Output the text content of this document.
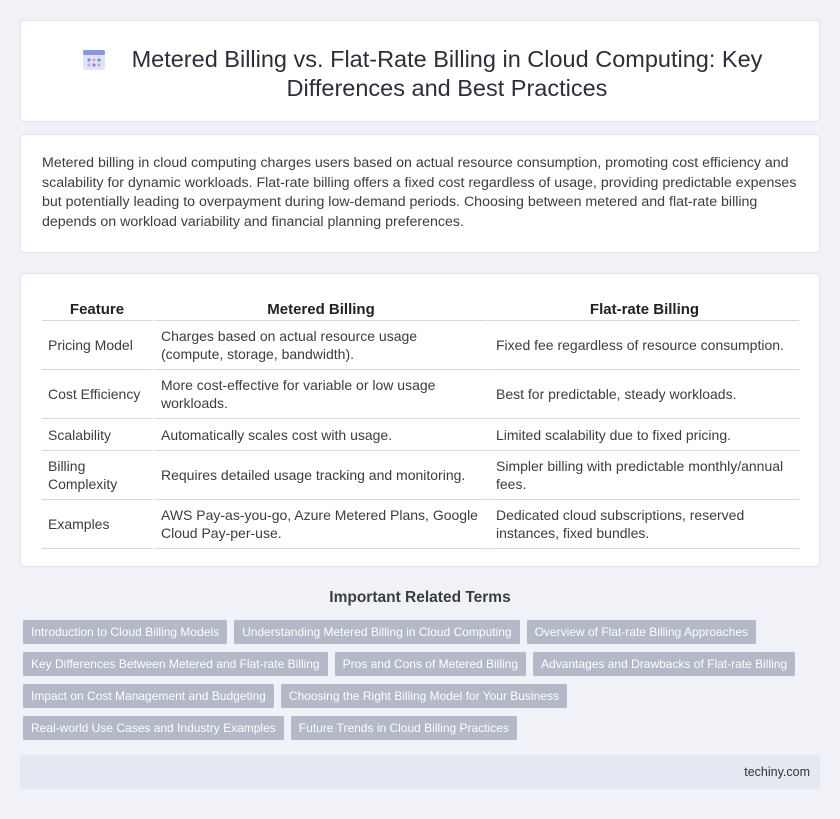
Metered Billing vs. Flat-Rate Billing in Cloud Computing: Key Differences and Best Practices

Metered billing in cloud computing charges users based on actual resource consumption, promoting cost efficiency and scalability for dynamic workloads. Flat-rate billing offers a fixed cost regardless of usage, providing predictable expenses but potentially leading to overpayment during low-demand periods. Choosing between metered and flat-rate billing depends on workload variability and financial planning preferences.

Feature	Metered Billing	Flat-rate Billing
Pricing Model	Charges based on actual resource usage (compute, storage, bandwidth).	Fixed fee regardless of resource consumption.
Cost Efficiency	More cost-effective for variable or low usage workloads.	Best for predictable, steady workloads.
Scalability	Automatically scales cost with usage.	Limited scalability due to fixed pricing.
Billing Complexity	Requires detailed usage tracking and monitoring.	Simpler billing with predictable monthly/annual fees.
Examples	AWS Pay-as-you-go, Azure Metered Plans, Google Cloud Pay-per-use.	Dedicated cloud subscriptions, reserved instances, fixed bundles.
Important Related Terms
Introduction to Cloud Billing Models	Understanding Metered Billing in Cloud Computing	Overview of Flat-rate Billing Approaches
Key Differences Between Metered and Flat-rate Billing	Pros and Cons of Metered Billing	Advantages and Drawbacks of Flat-rate Billing
Impact on Cost Management and Budgeting	Choosing the Right Billing Model for Your Business
Real-world Use Cases and Industry Examples	Future Trends in Cloud Billing Practices
techiny.com
